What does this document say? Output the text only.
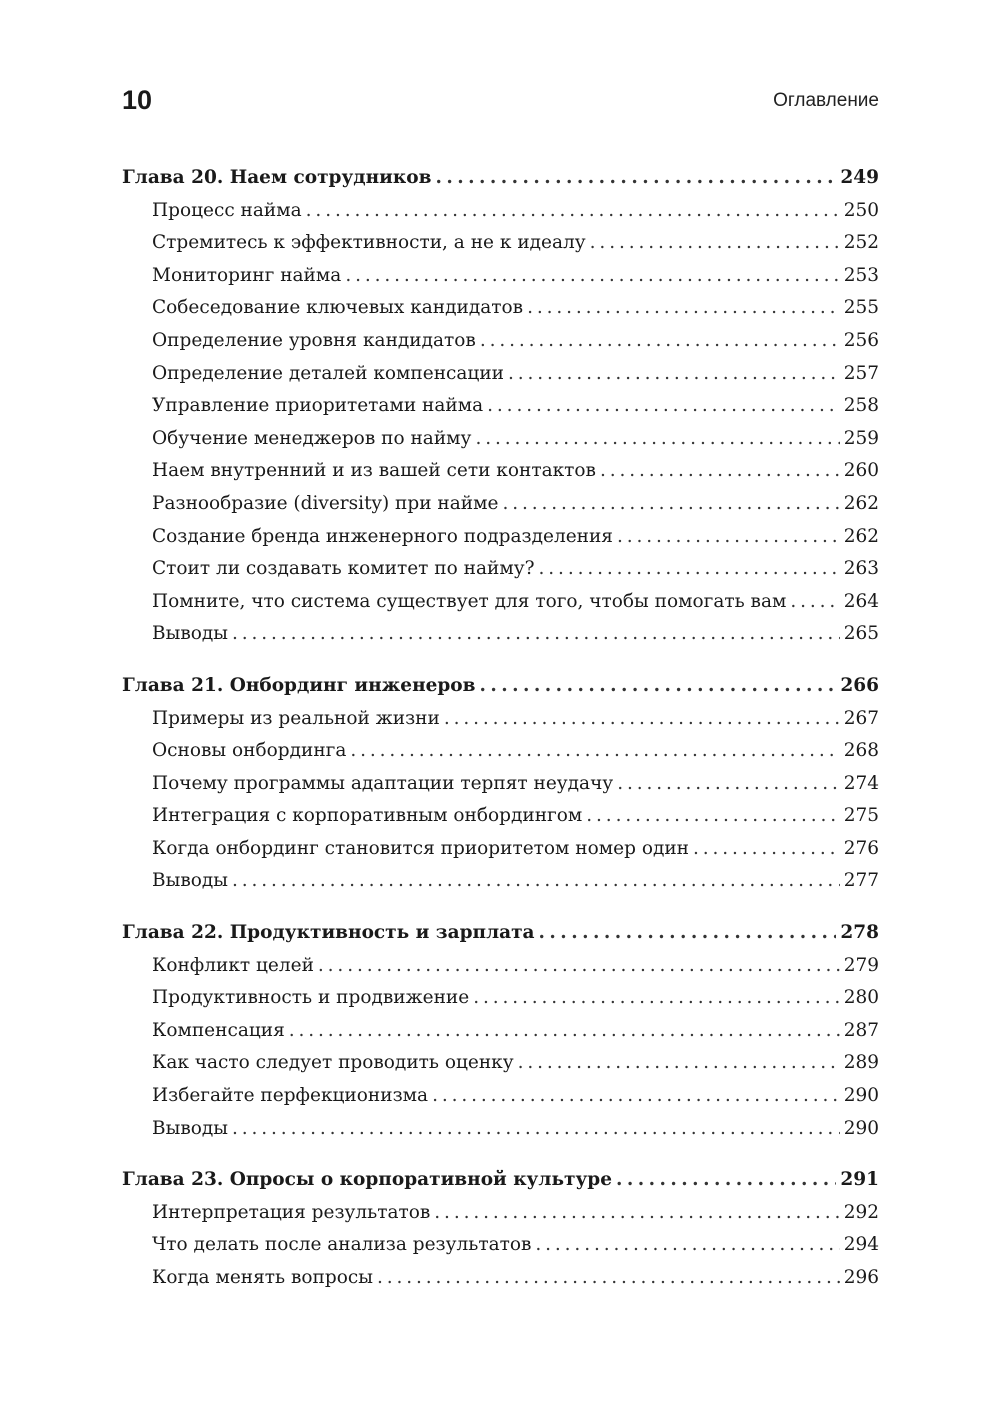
10	Оглавление
Глава 20. Наем сотрудников . . .	249
Процесс найма . . .	250
Стремитесь к эффективности, а не к идеалу . . .	252
Мониторинг найма . . .	253
Собеседование ключевых кандидатов . . .	255
Определение уровня кандидатов . . .	256
Определение деталей компенсации . . .	257
Управление приоритетами найма . . .	258
Обучение менеджеров по найму . . .	259
Наем внутренний и из вашей сети контактов . . .	260
Разнообразие (diversity) при найме . . .	262
Создание бренда инженерного подразделения . . .	262
Стоит ли создавать комитет по найму? . . .	263
Помните, что система существует для того, чтобы помогать вам . . .	264
Выводы . . .	265
Глава 21. Онбординг инженеров . . .	266
Примеры из реальной жизни . . .	267
Основы онбординга . . .	268
Почему программы адаптации терпят неудачу . . .	274
Интеграция с корпоративным онбордингом . . .	275
Когда онбординг становится приоритетом номер один . . .	276
Выводы . . .	277
Глава 22. Продуктивность и зарплата . . .	278
Конфликт целей . . .	279
Продуктивность и продвижение . . .	280
Компенсация . . .	287
Как часто следует проводить оценку . . .	289
Избегайте перфекционизма . . .	290
Выводы . . .	290
Глава 23. Опросы о корпоративной культуре . . .	291
Интерпретация результатов . . .	292
Что делать после анализа результатов . . .	294
Когда менять вопросы . . .	296
